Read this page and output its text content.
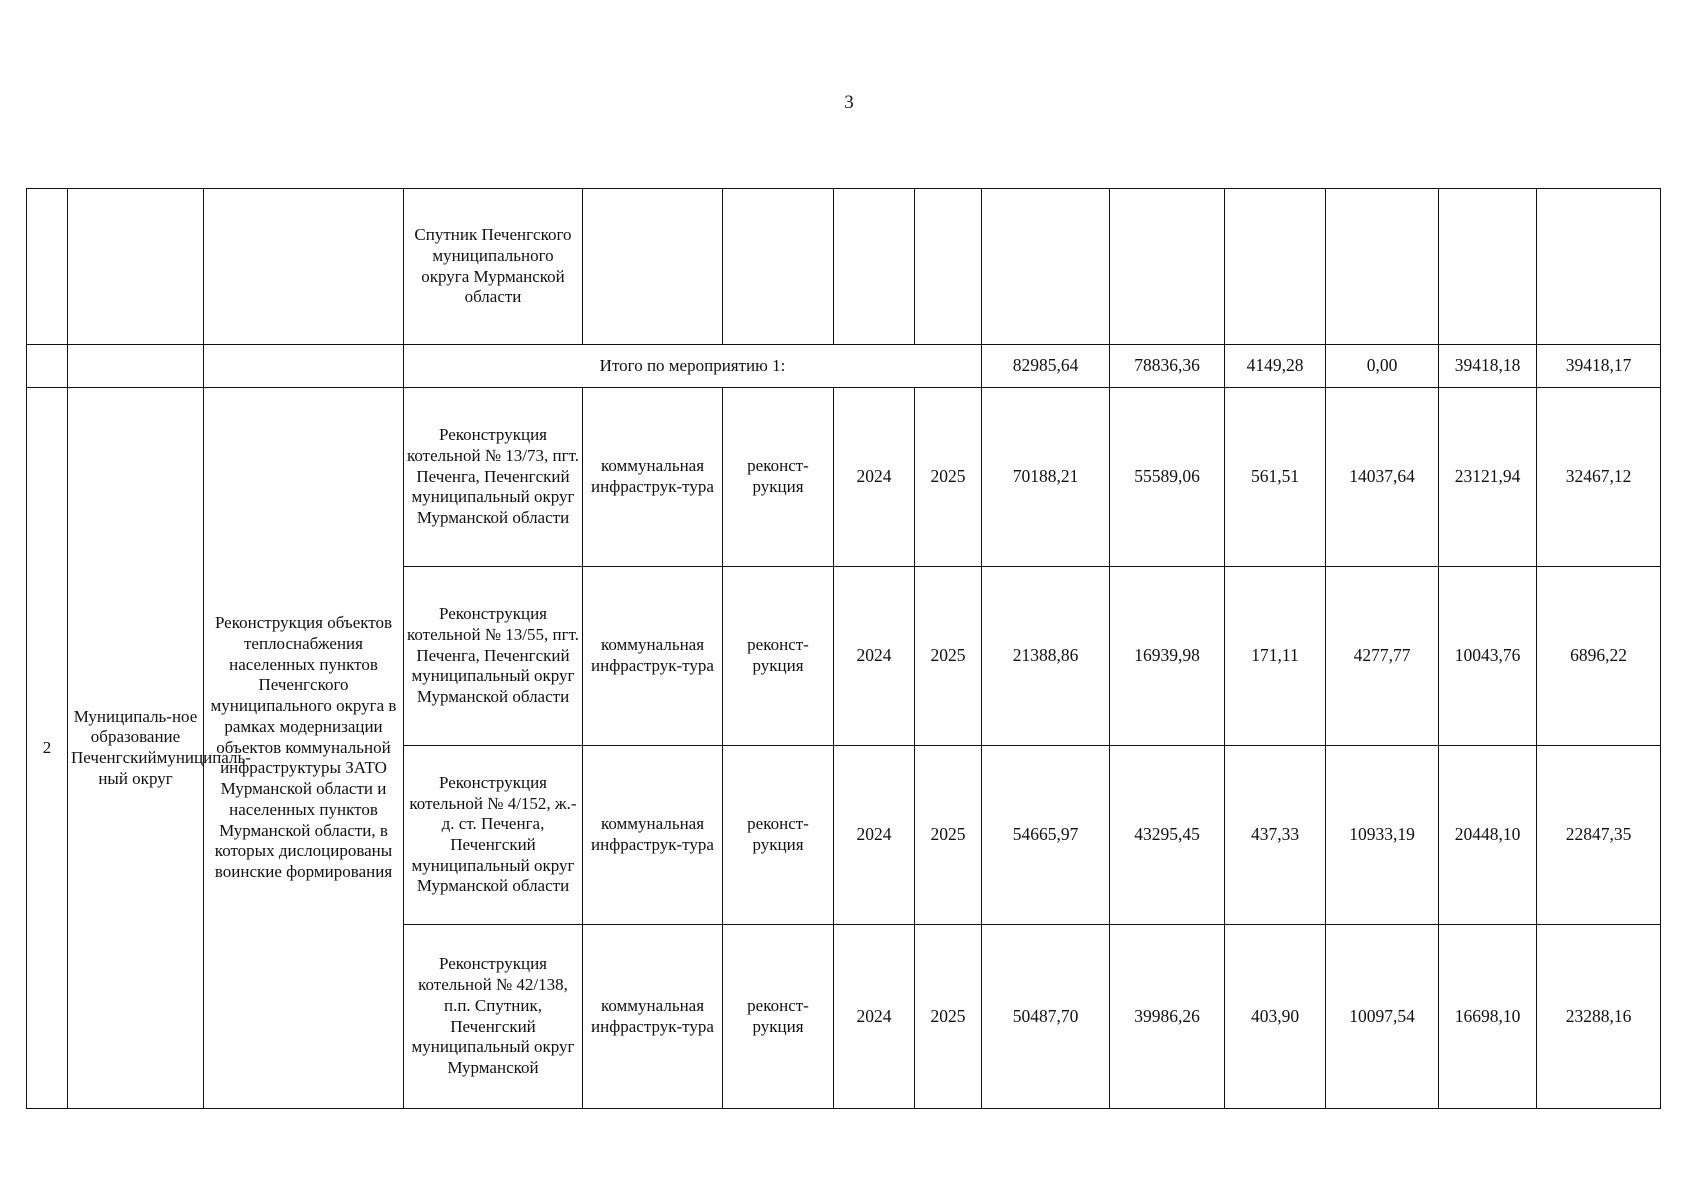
3
			Спутник Печенгского муниципального округа Мурманской области										
			Итого по мероприятию 1:					82985,64	78836,36	4149,28	0,00	39418,18	39418,17
2	Муниципаль-ное образование Печенгскиймуниципаль-ный округ	Реконструкция объектов теплоснабжения населенных пунктов Печенгского муниципального округа в рамках модернизации объектов коммунальной инфраструктуры ЗАТО Мурманской области и населенных пунктов Мурманской области, в которых дислоцированы воинские формирования	Реконструкция котельной № 13/73, пгт. Печенга, Печенгский муниципальный округ Мурманской области	коммунальная инфраструк-тура	реконст-рукция	2024	2025	70188,21	55589,06	561,51	14037,64	23121,94	32467,12
			Реконструкция котельной № 13/55, пгт. Печенга, Печенгский муниципальный округ Мурманской области	коммунальная инфраструк-тура	реконст-рукция	2024	2025	21388,86	16939,98	171,11	4277,77	10043,76	6896,22
			Реконструкция котельной № 4/152, ж.-д. ст. Печенга, Печенгский муниципальный округ Мурманской области	коммунальная инфраструк-тура	реконст-рукция	2024	2025	54665,97	43295,45	437,33	10933,19	20448,10	22847,35
			Реконструкция котельной № 42/138, п.п. Спутник, Печенгский муниципальный округ Мурманской	коммунальная инфраструк-тура	реконст-рукция	2024	2025	50487,70	39986,26	403,90	10097,54	16698,10	23288,16
